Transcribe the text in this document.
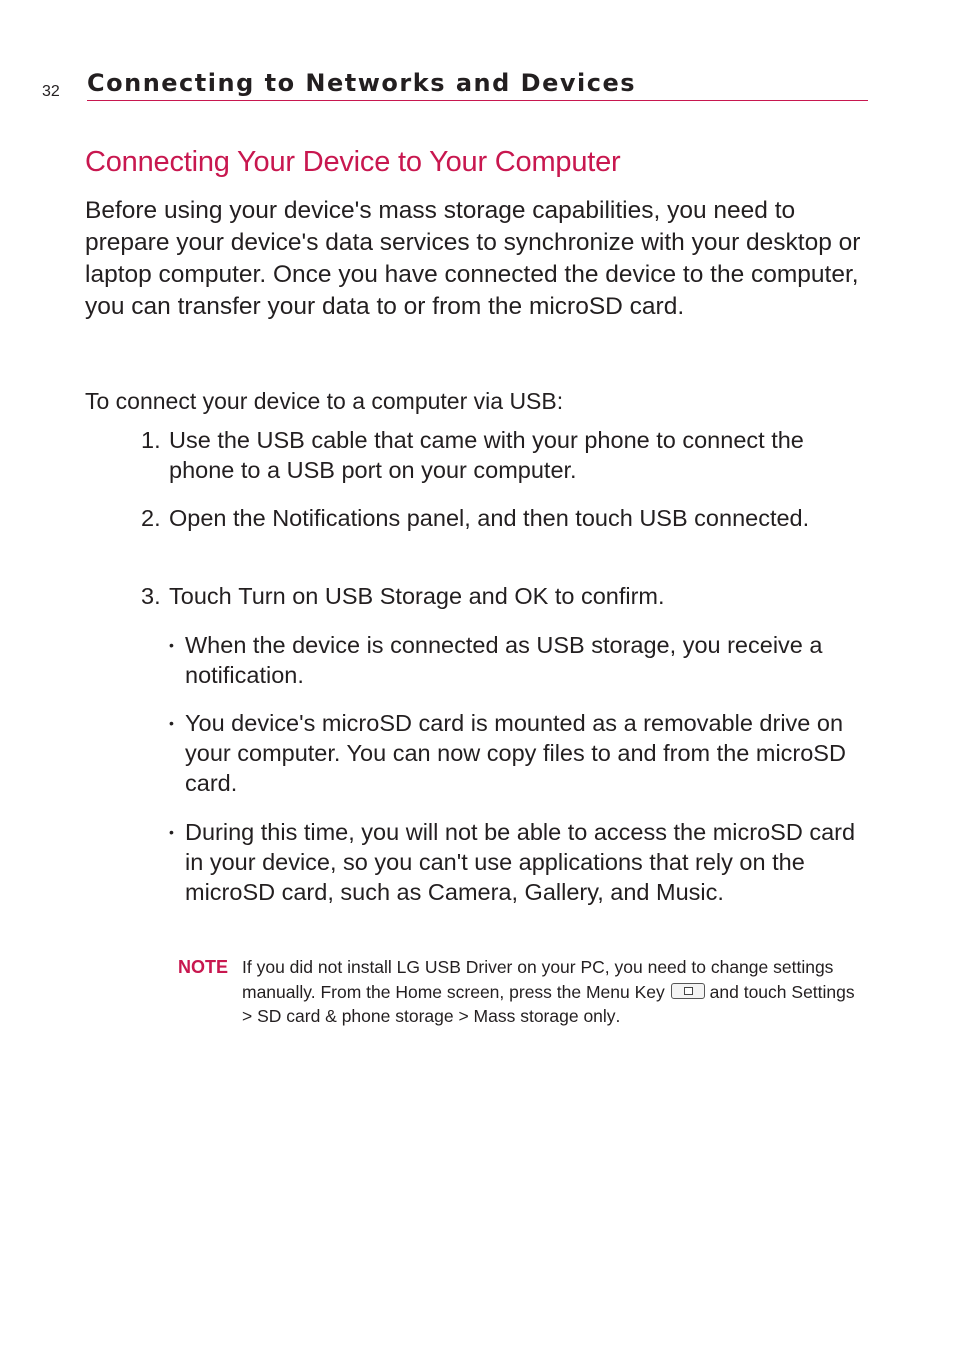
32 Connecting to Networks and Devices
Connecting Your Device to Your Computer

Before using your device's mass storage capabilities, you need to prepare your device's data services to synchronize with your desktop or laptop computer. Once you have connected the device to the computer, you can transfer your data to or from the microSD card.

To connect your device to a computer via USB:

1. Use the USB cable that came with your phone to connect the phone to a USB port on your computer.
2. Open the Notifications panel, and then touch USB connected.
3. Touch Turn on USB Storage and OK to confirm.
• When the device is connected as USB storage, you receive a notification.
• You device's microSD card is mounted as a removable drive on your computer. You can now copy files to and from the microSD card.
• During this time, you will not be able to access the microSD card in your device, so you can't use applications that rely on the microSD card, such as Camera, Gallery, and Music.
NOTE If you did not install LG USB Driver on your PC, you need to change settings manually. From the Home screen, press the Menu Key and touch Settings > SD card & phone storage > Mass storage only.
